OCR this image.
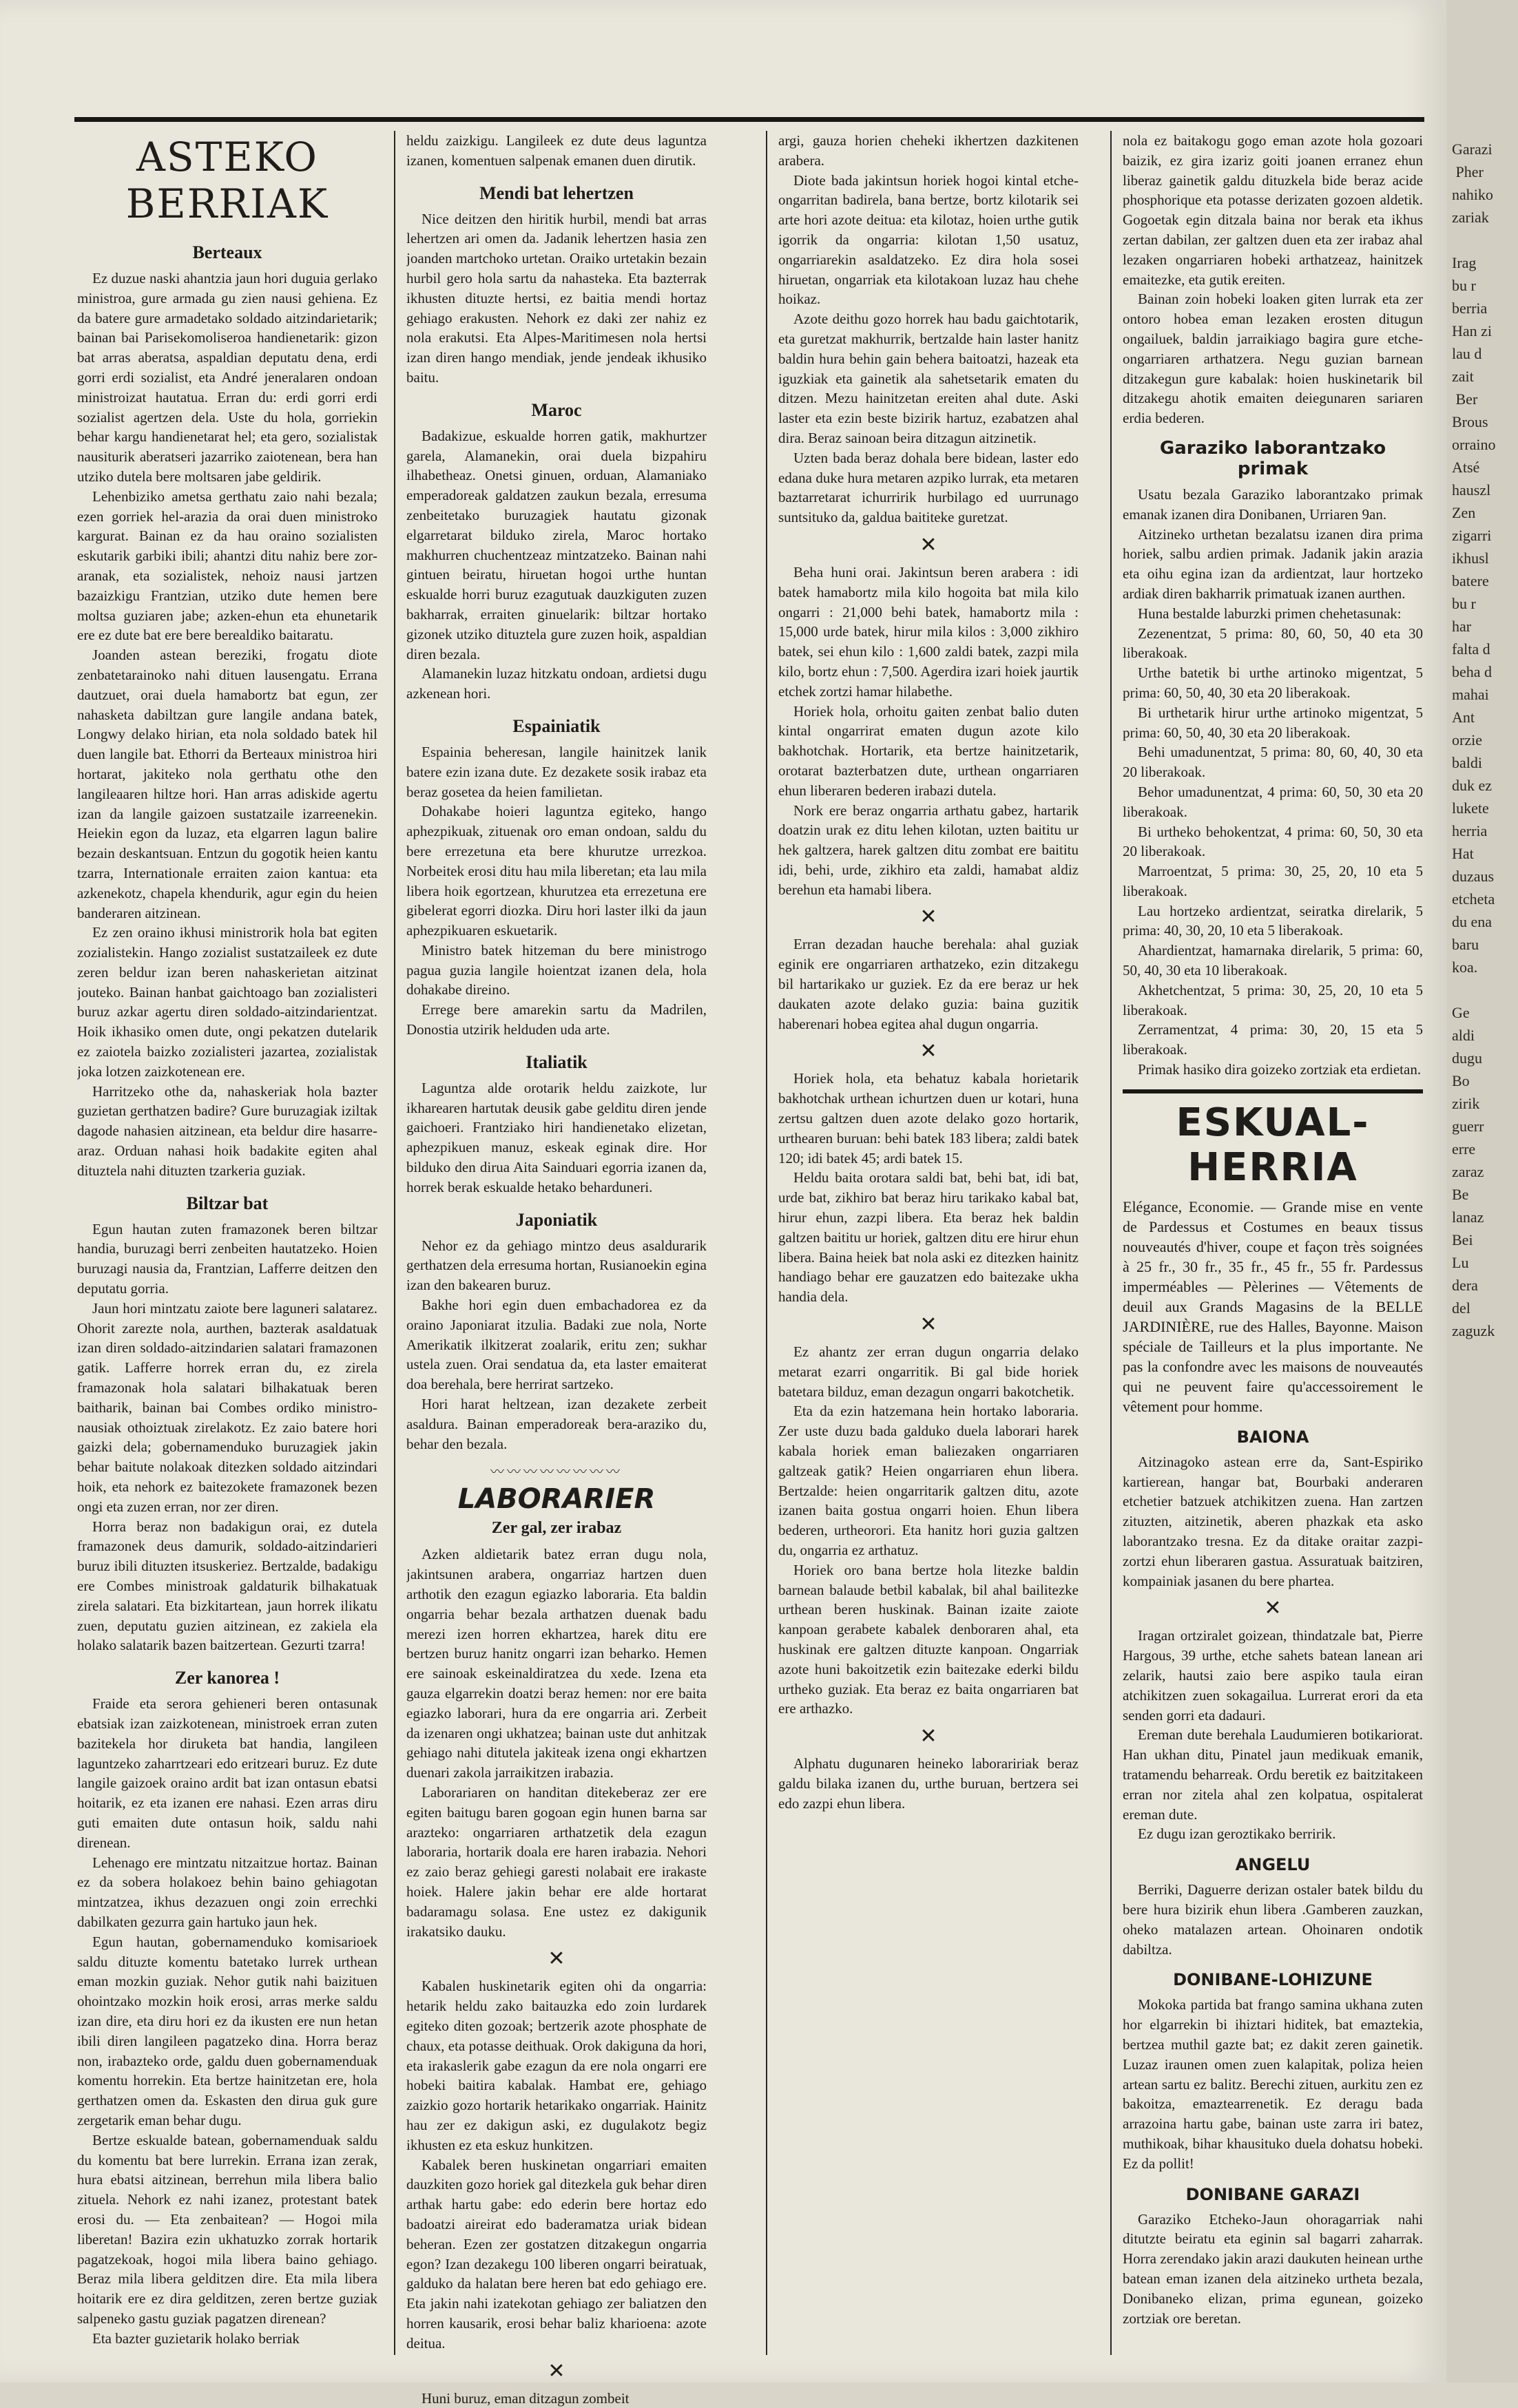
ASTEKO BERRIAK
Berteaux

Ez duzue naski ahantzia jaun hori duguia gerlako ministroa, gure armada gu zien nausi gehiena. Ez da batere gure armadetako soldado aitzindarietarik; bainan bai Parisekomoliseroa handienetarik: gizon bat arras aberatsa, aspaldian deputatu dena, erdi gorri erdi sozialist, eta André jeneralaren ondoan ministroizat hautatua. Erran du: erdi gorri erdi sozialist agertzen dela. Uste du hola, gorriekin behar kargu handienetarat hel; eta gero, sozialistak nausiturik aberatseri jazarriko zaiotenean, bera han utziko dutela bere moltsaren jabe geldirik.

Lehenbiziko ametsa gerthatu zaio nahi bezala; ezen gorriek hel-arazia da orai duen ministroko kargurat. Bainan ez da hau oraino sozialisten eskutarik garbiki ibili; ahantzi ditu nahiz bere zor-aranak, eta sozialistek, nehoiz nausi jartzen bazaizkigu Frantzian, utziko dute hemen bere moltsa guziaren jabe; azken-ehun eta ehunetarik ere ez dute bat ere bere berealdiko baitaratu.

Joanden astean bereziki, frogatu diote zenbatetarainoko nahi dituen lausengatu. Errana dautzuet, orai duela hamabortz bat egun, zer nahasketa dabiltzan gure langile andana batek, Longwy delako hirian, eta nola soldado batek hil duen langile bat. Ethorri da Berteaux ministroa hiri hortarat, jakiteko nola gerthatu othe den langileaaren hiltze hori. Han arras adiskide agertu izan da langile gaizoen sustatzaile izarreenekin. Heiekin egon da luzaz, eta elgarren lagun balire bezain deskantsuan. Entzun du gogotik heien kantu tzarra, Internationale erraiten zaion kantua: eta azkenekotz, chapela khendurik, agur egin du heien banderaren aitzinean.

Ez zen oraino ikhusi ministrorik hola bat egiten zozialistekin. Hango zozialist sustatzaileek ez dute zeren beldur izan beren nahaskerietan aitzinat jouteko. Bainan hanbat gaichtoago ban zozialisteri buruz azkar agertu diren soldado-aitzindarientzat. Hoik ikhasiko omen dute, ongi pekatzen dutelarik ez zaiotela baizko zozialisteri jazartea, zozialistak joka lotzen zaizkotenean ere.

Harritzeko othe da, nahaskeriak hola bazter guzietan gerthatzen badire? Gure buruzagiak iziltak dagode nahasien aitzinean, eta beldur dire hasarre-araz. Orduan nahasi hoik badakite egiten ahal dituztela nahi dituzten tzarkeria guziak.

Biltzar bat

Egun hautan zuten framazonek beren biltzar handia, buruzagi berri zenbeiten hautatzeko. Hoien buruzagi nausia da, Frantzian, Lafferre deitzen den deputatu gorria.

Jaun hori mintzatu zaiote bere laguneri salatarez. Ohorit zarezte nola, aurthen, bazterak asaldatuak izan diren soldado-aitzindarien salatari framazonen gatik. Lafferre horrek erran du, ez zirela framazonak hola salatari bilhakatuak beren baitharik, bainan bai Combes ordiko ministro-nausiak othoiztuak zirelakotz. Ez zaio batere hori gaizki dela; gobernamenduko buruzagiek jakin behar baitute nolakoak ditezken soldado aitzindari hoik, eta nehork ez baitezokete framazonek bezen ongi eta zuzen erran, nor zer diren.

Horra beraz non badakigun orai, ez dutela framazonek deus damurik, soldado-aitzindarieri buruz ibili dituzten itsuskeriez. Bertzalde, badakigu ere Combes ministroak galdaturik bilhakatuak zirela salatari. Eta bizkitartean, jaun horrek ilikatu zuen, deputatu guzien aitzinean, ez zakiela ela holako salatarik bazen baitzertean. Gezurti tzarra!

Zer kanorea !

Fraide eta serora gehieneri beren ontasunak ebatsiak izan zaizkotenean, ministroek erran zuten bazitekela hor diruketa bat handia, langileen laguntzeko zaharrtzeari edo eritzeari buruz. Ez dute langile gaizoek oraino ardit bat izan ontasun ebatsi hoitarik, ez eta izanen ere nahasi. Ezen arras diru guti emaiten dute ontasun hoik, saldu nahi direnean.

Lehenago ere mintzatu nitzaitzue hortaz. Bainan ez da sobera holakoez behin baino gehiagotan mintzatzea, ikhus dezazuen ongi zoin errechki dabilkaten gezurra gain hartuko jaun hek.

Egun hautan, gobernamenduko komisarioek saldu dituzte komentu batetako lurrek urthean eman mozkin guziak. Nehor gutik nahi baizituen ohointzako mozkin hoik erosi, arras merke saldu izan dire, eta diru hori ez da ikusten ere nun hetan ibili diren langileen pagatzeko dina. Horra beraz non, irabazteko orde, galdu duen gobernamenduak komentu horrekin. Eta bertze hainitzetan ere, hola gerthatzen omen da. Eskasten den dirua guk gure zergetarik eman behar dugu.

Bertze eskualde batean, gobernamenduak saldu du komentu bat bere lurrekin. Errana izan zerak, hura ebatsi aitzinean, berrehun mila libera balio zituela. Nehork ez nahi izanez, protestant batek erosi du. — Eta zenbaitean? — Hogoi mila liberetan! Bazira ezin ukhatuzko zorrak hortarik pagatzekoak, hogoi mila libera baino gehiago. Beraz mila libera gelditzen dire. Eta mila libera hoitarik ere ez dira gelditzen, zeren bertze guziak salpeneko gastu guziak pagatzen direnean?

Eta bazter guzietarik holako berriak

heldu zaizkigu. Langileek ez dute deus laguntza izanen, komentuen salpenak emanen duen dirutik.

Mendi bat lehertzen

Nice deitzen den hiritik hurbil, mendi bat arras lehertzen ari omen da. Jadanik lehertzen hasia zen joanden martchoko urtetan. Oraiko urtetakin bezain hurbil gero hola sartu da nahasteka. Eta bazterrak ikhusten dituzte hertsi, ez baitia mendi hortaz gehiago erakusten. Nehork ez daki zer nahiz ez nola erakutsi. Eta Alpes-Maritimesen nola hertsi izan diren hango mendiak, jende jendeak ikhusiko baitu.

Maroc

Badakizue, eskualde horren gatik, makhurtzer garela, Alamanekin, orai duela bizpahiru ilhabetheaz. Onetsi ginuen, orduan, Alamaniako emperadoreak galdatzen zaukun bezala, erresuma zenbeitetako buruzagiek hautatu gizonak elgarretarat bilduko zirela, Maroc hortako makhurren chuchentzeaz mintzatzeko. Bainan nahi gintuen beiratu, hiruetan hogoi urthe huntan eskualde horri buruz ezagutuak dauzkiguten zuzen bakharrak, erraiten ginuelarik: biltzar hortako gizonek utziko dituztela gure zuzen hoik, aspaldian diren bezala.

Alamanekin luzaz hitzkatu ondoan, ardietsi dugu azkenean hori.

Espainiatik

Espainia beheresan, langile hainitzek lanik batere ezin izana dute. Ez dezakete sosik irabaz eta beraz gosetea da heien familietan.

Dohakabe hoieri laguntza egiteko, hango aphezpikuak, zituenak oro eman ondoan, saldu du bere errezetuna eta bere khurutze urrezkoa. Norbeitek erosi ditu hau mila liberetan; eta lau mila libera hoik egortzean, khurutzea eta errezetuna ere gibelerat egorri diozka. Diru hori laster ilki da jaun aphezpikuaren eskuetarik.

Ministro batek hitzeman du bere ministrogo pagua guzia langile hoientzat izanen dela, hola dohakabe direino.

Errege bere amarekin sartu da Madrilen, Donostia utzirik helduden uda arte.

Italiatik

Laguntza alde orotarik heldu zaizkote, lur ikharearen hartutak deusik gabe gelditu diren jende gaichoeri. Frantziako hiri handienetako elizetan, aphezpikuen manuz, eskeak eginak dire. Hor bilduko den dirua Aita Sainduari egorria izanen da, horrek berak eskualde hetako beharduneri.

Japoniatik

Nehor ez da gehiago mintzo deus asaldurarik gerthatzen dela erresuma hortan, Rusianoekin egina izan den bakearen buruz.

Bakhe hori egin duen embachadorea ez da oraino Japoniarat itzulia. Badaki zue nola, Norte Amerikatik ilkitzerat zoalarik, eritu zen; sukhar ustela zuen. Orai sendatua da, eta laster emaiterat doa berehala, bere herrirat sartzeko.

Hori harat heltzean, izan dezakete zerbeit asaldura. Bainan emperadoreak bera-araziko du, behar den bezala.

〰〰〰〰〰〰〰〰
LABORARIER
Zer gal, zer irabaz

Azken aldietarik batez erran dugu nola, jakintsunen arabera, ongarriaz hartzen duen arthotik den ezagun egiazko laboraria. Eta baldin ongarria behar bezala arthatzen duenak badu merezi izen horren ekhartzea, harek ditu ere bertzen buruz hanitz ongarri izan beharko. Hemen ere sainoak eskeinaldiratzea du xede. Izena eta gauza elgarrekin doatzi beraz hemen: nor ere baita egiazko laborari, hura da ere ongarria ari. Zerbeit da izenaren ongi ukhatzea; bainan uste dut anhitzak gehiago nahi ditutela jakiteak izena ongi ekhartzen duenari zakola jarraikitzen irabazia.

Laborariaren on handitan ditekeberaz zer ere egiten baitugu baren gogoan egin hunen barna sar arazteko: ongarriaren arthatzetik dela ezagun laboraria, hortarik doala ere haren irabazia. Nehori ez zaio beraz gehiegi garesti nolabait ere irakaste hoiek. Halere jakin behar ere alde hortarat badaramagu solasa. Ene ustez ez dakigunik irakatsiko dauku.

✕

Kabalen huskinetarik egiten ohi da ongarria: hetarik heldu zako baitauzka edo zoin lurdarek egiteko diten gozoak; bertzerik azote phosphate de chaux, eta potasse deithuak. Orok dakiguna da hori, eta irakaslerik gabe ezagun da ere nola ongarri ere hobeki baitira kabalak. Hambat ere, gehiago zaizkio gozo hortarik hetarikako ongarriak. Hainitz hau zer ez dakigun aski, ez dugulakotz begiz ikhusten ez eta eskuz hunkitzen.

Kabalek beren huskinetan ongarriari emaiten dauzkiten gozo horiek gal ditezkela guk behar diren arthak hartu gabe: edo ederin bere hortaz edo badoatzi aireirat edo baderamatza uriak bidean beheran. Ezen zer gostatzen ditzakegun ongarria egon? Izan dezakegu 100 liberen ongarri beiratuak, galduko da halatan bere heren bat edo gehiago ere. Eta jakin nahi izatekotan gehiago zer baliatzen den horren kausarik, erosi behar baliz kharioena: azote deitua.

✕

Huni buruz, eman ditzagun zombeit

argi, gauza horien cheheki ikhertzen dazkitenen arabera.

Diote bada jakintsun horiek hogoi kintal etche-ongarritan badirela, bana bertze, bortz kilotarik sei arte hori azote deitua: eta kilotaz, hoien urthe gutik igorrik da ongarria: kilotan 1,50 usatuz, ongarriarekin asaldatzeko. Ez dira hola sosei hiruetan, ongarriak eta kilotakoan luzaz hau chehe hoikaz.

Azote deithu gozo horrek hau badu gaichtotarik, eta guretzat makhurrik, bertzalde hain laster hanitz baldin hura behin gain behera baitoatzi, hazeak eta iguzkiak eta gainetik ala sahetsetarik ematen du ditzen. Mezu hainitzetan ereiten ahal dute. Aski laster eta ezin beste bizirik hartuz, ezabatzen ahal dira. Beraz sainoan beira ditzagun aitzinetik.

Uzten bada beraz dohala bere bidean, laster edo edana duke hura metaren azpiko lurrak, eta metaren baztarretarat ichurririk hurbilago ed uurrunago suntsituko da, galdua baititeke guretzat.

✕

Beha huni orai. Jakintsun beren arabera : idi batek hamabortz mila kilo hogoita bat mila kilo ongarri : 21,000 behi batek, hamabortz mila : 15,000 urde batek, hirur mila kilos : 3,000 zikhiro batek, sei ehun kilo : 1,600 zaldi batek, zazpi mila kilo, bortz ehun : 7,500. Agerdira izari hoiek jaurtik etchek zortzi hamar hilabethe.

Horiek hola, orhoitu gaiten zenbat balio duten kintal ongarrirat ematen dugun azote kilo bakhotchak. Hortarik, eta bertze hainitzetarik, orotarat bazterbatzen dute, urthean ongarriaren ehun liberaren bederen irabazi dutela.

Nork ere beraz ongarria arthatu gabez, hartarik doatzin urak ez ditu lehen kilotan, uzten baititu ur hek galtzera, harek galtzen ditu zombat ere baititu idi, behi, urde, zikhiro eta zaldi, hamabat aldiz berehun eta hamabi libera.

✕

Erran dezadan hauche berehala: ahal guziak eginik ere ongarriaren arthatzeko, ezin ditzakegu bil hartarikako ur guziek. Ez da ere beraz ur hek daukaten azote delako guzia: baina guzitik haberenari hobea egitea ahal dugun ongarria.

✕

Horiek hola, eta behatuz kabala horietarik bakhotchak urthean ichurtzen duen ur kotari, huna zertsu galtzen duen azote delako gozo hortarik, urthearen buruan: behi batek 183 libera; zaldi batek 120; idi batek 45; ardi batek 15.

Heldu baita orotara saldi bat, behi bat, idi bat, urde bat, zikhiro bat beraz hiru tarikako kabal bat, hirur ehun, zazpi libera. Eta beraz hek baldin galtzen baititu ur horiek, galtzen ditu ere hirur ehun libera. Baina heiek bat nola aski ez ditezken hainitz handiago behar ere gauzatzen edo baitezake ukha handia dela.

✕

Ez ahantz zer erran dugun ongarria delako metarat ezarri ongarritik. Bi gal bide horiek batetara bilduz, eman dezagun ongarri bakotchetik.

Eta da ezin hatzemana hein hortako laboraria. Zer uste duzu bada galduko duela laborari harek kabala horiek eman baliezaken ongarriaren galtzeak gatik? Heien ongarriaren ehun libera. Bertzalde: heien ongarritarik galtzen ditu, azote izanen baita gostua ongarri hoien. Ehun libera bederen, urtheorori. Eta hanitz hori guzia galtzen du, ongarria ez arthatuz.

Horiek oro bana bertze hola litezke baldin barnean balaude betbil kabalak, bil ahal bailitezke urthean beren huskinak. Bainan izaite zaiote kanpoan gerabete kabalek denboraren ahal, eta huskinak ere galtzen dituzte kanpoan. Ongarriak azote huni bakoitzetik ezin baitezake ederki bildu urtheko guziak. Eta beraz ez baita ongarriaren bat ere arthazko.

✕

Alphatu dugunaren heineko laboraririak beraz galdu bilaka izanen du, urthe buruan, bertzera sei edo zazpi ehun libera.

nola ez baitakogu gogo eman azote hola gozoari baizik, ez gira izariz goiti joanen erranez ehun liberaz gainetik galdu dituzkela bide beraz acide phosphorique eta potasse derizaten gozoen aldetik. Gogoetak egin ditzala baina nor berak eta ikhus zertan dabilan, zer galtzen duen eta zer irabaz ahal lezaken ongarriaren hobeki arthatzeaz, hainitzek emaitezke, eta gutik ereiten.

Bainan zoin hobeki loaken giten lurrak eta zer ontoro hobea eman lezaken erosten ditugun ongailuek, baldin jarraikiago bagira gure etche-ongarriaren arthatzera. Negu guzian barnean ditzakegun gure kabalak: hoien huskinetarik bil ditzakegu ahotik emaiten deiegunaren sariaren erdia bederen.

Garaziko laborantzako primak

Usatu bezala Garaziko laborantzako primak emanak izanen dira Donibanen, Urriaren 9an.

Aitzineko urthetan bezalatsu izanen dira prima horiek, salbu ardien primak. Jadanik jakin arazia eta oihu egina izan da ardientzat, laur hortzeko ardiak diren bakharrik primatuak izanen aurthen.

Huna bestalde laburzki primen chehetasunak:

Zezenentzat, 5 prima: 80, 60, 50, 40 eta 30 liberakoak.

Urthe batetik bi urthe artinoko migentzat, 5 prima: 60, 50, 40, 30 eta 20 liberakoak.

Bi urthetarik hirur urthe artinoko migentzat, 5 prima: 60, 50, 40, 30 eta 20 liberakoak.

Behi umadunentzat, 5 prima: 80, 60, 40, 30 eta 20 liberakoak.

Behor umadunentzat, 4 prima: 60, 50, 30 eta 20 liberakoak.

Bi urtheko behokentzat, 4 prima: 60, 50, 30 eta 20 liberakoak.

Marroentzat, 5 prima: 30, 25, 20, 10 eta 5 liberakoak.

Lau hortzeko ardientzat, seiratka direlarik, 5 prima: 40, 30, 20, 10 eta 5 liberakoak.

Ahardientzat, hamarnaka direlarik, 5 prima: 60, 50, 40, 30 eta 10 liberakoak.

Akhetchentzat, 5 prima: 30, 25, 20, 10 eta 5 liberakoak.

Zerramentzat, 4 prima: 30, 20, 15 eta 5 liberakoak.

Primak hasiko dira goizeko zortziak eta erdietan.

ESKUAL-HERRIA

Elégance, Economie. — Grande mise en vente de Pardessus et Costumes en beaux tissus nouveautés d'hiver, coupe et façon très soignées à 25 fr., 30 fr., 35 fr., 45 fr., 55 fr. Pardessus imperméables — Pèlerines — Vêtements de deuil aux Grands Magasins de la BELLE JARDINIÈRE, rue des Halles, Bayonne. Maison spéciale de Tailleurs et la plus importante. Ne pas la confondre avec les maisons de nouveautés qui ne peuvent faire qu'accessoirement le vêtement pour homme.

BAIONA

Aitzinagoko astean erre da, Sant-Espiriko kartierean, hangar bat, Bourbaki anderaren etchetier batzuek atchikitzen zuena. Han zartzen zituzten, aitzinetik, aberen phazkak eta asko laborantzako tresna. Ez da ditake oraitar zazpi-zortzi ehun liberaren gastua. Assuratuak baitziren, kompainiak jasanen du bere phartea.

✕

Iragan ortziralet goizean, thindatzale bat, Pierre Hargous, 39 urthe, etche sahets batean lanean ari zelarik, hautsi zaio bere aspiko taula eiran atchikitzen zuen sokagailua. Lurrerat erori da eta senden gorri eta dadauri.

Ereman dute berehala Laudumieren botikariorat. Han ukhan ditu, Pinatel jaun medikuak emanik, tratamendu beharreak. Ordu beretik ez baitzitakeen erran nor zitela ahal zen kolpatua, ospitalerat ereman dute.

Ez dugu izan geroztikako berririk.

ANGELU

Berriki, Daguerre derizan ostaler batek bildu du bere hura bizirik ehun libera .Gamberen zauzkan, oheko matalazen artean. Ohoinaren ondotik dabiltza.

DONIBANE-LOHIZUNE

Mokoka partida bat frango samina ukhana zuten hor elgarrekin bi ihiztari hiditek, bat emaztekia, bertzea muthil gazte bat; ez dakit zeren gainetik. Luzaz iraunen omen zuen kalapitak, poliza heien artean sartu ez balitz. Berechi zituen, aurkitu zen ez bakoitza, emaztearrenetik. Ez deragu bada arrazoina hartu gabe, bainan uste zarra iri batez, muthikoak, bihar khausituko duela dohatsu hobeki. Ez da pollit!

DONIBANE GARAZI

Garaziko Etcheko-Jaun ohoragarriak nahi ditutzte beiratu eta eginin sal bagarri zaharrak. Horra zerendako jakin arazi daukuten heinean urthe batean eman izanen dela aitzineko urtheta bezala, Donibaneko elizan, prima egunean, goizeko zortziak ore beretan.

Garazi
Pher
nahiko
zariak

Irag
bu r
berria
Han zi
lau d
zait
Ber
Brous
orraino
Atsé
hauszl
Zen
zigarri
ikhusl
batere
bu r
har
falta d
beha d
mahai
Ant
orzie
baldi
duk ez
lukete
herria
Hat
duzaus
etcheta
du ena
baru
koa.

Ge
aldi
dugu
Bo
zirik
guerr
erre
zaraz
Be
lanaz
Bei
Lu
dera
del
zaguzk
